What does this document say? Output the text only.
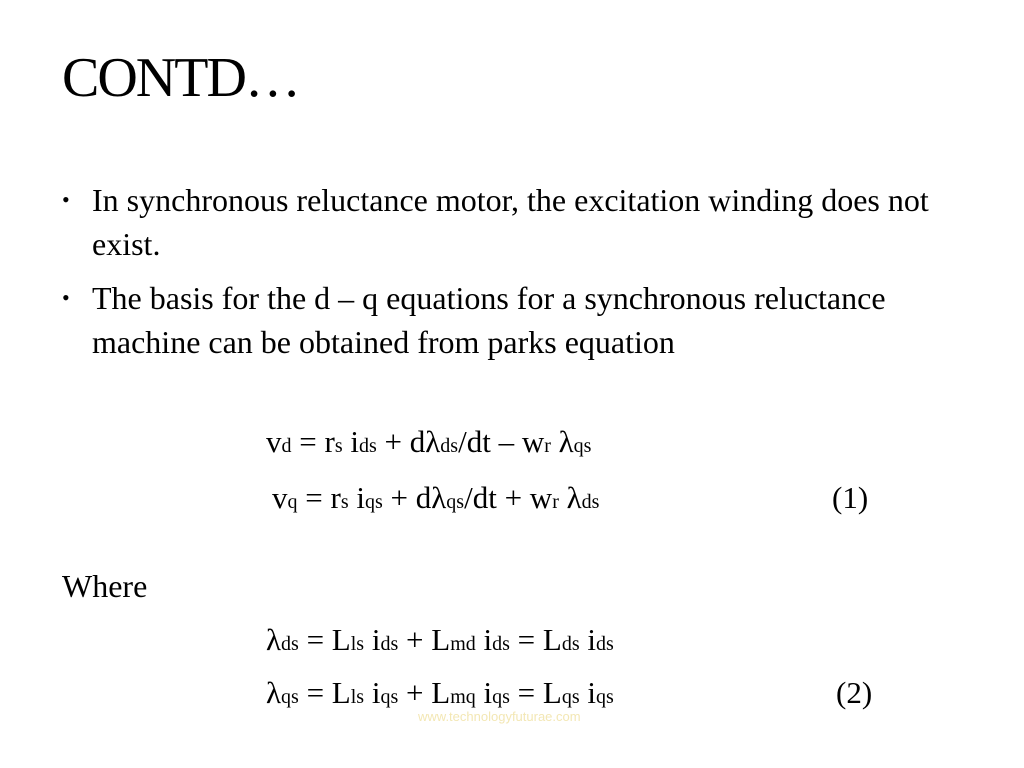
CONTD…
• In synchronous reluctance motor, the excitation winding does not exist.
• The basis for the d – q equations for a synchronous reluctance machine can be obtained from parks equation
vd = rs ids + dλds/dt – wr λqs
vq = rs iqs + dλqs/dt + wr λds	(1)
Where
λds = Lls ids + Lmd ids = Lds ids
λqs = Lls iqs + Lmq iqs = Lqs iqs	(2)
www.technologyfuturae.com
